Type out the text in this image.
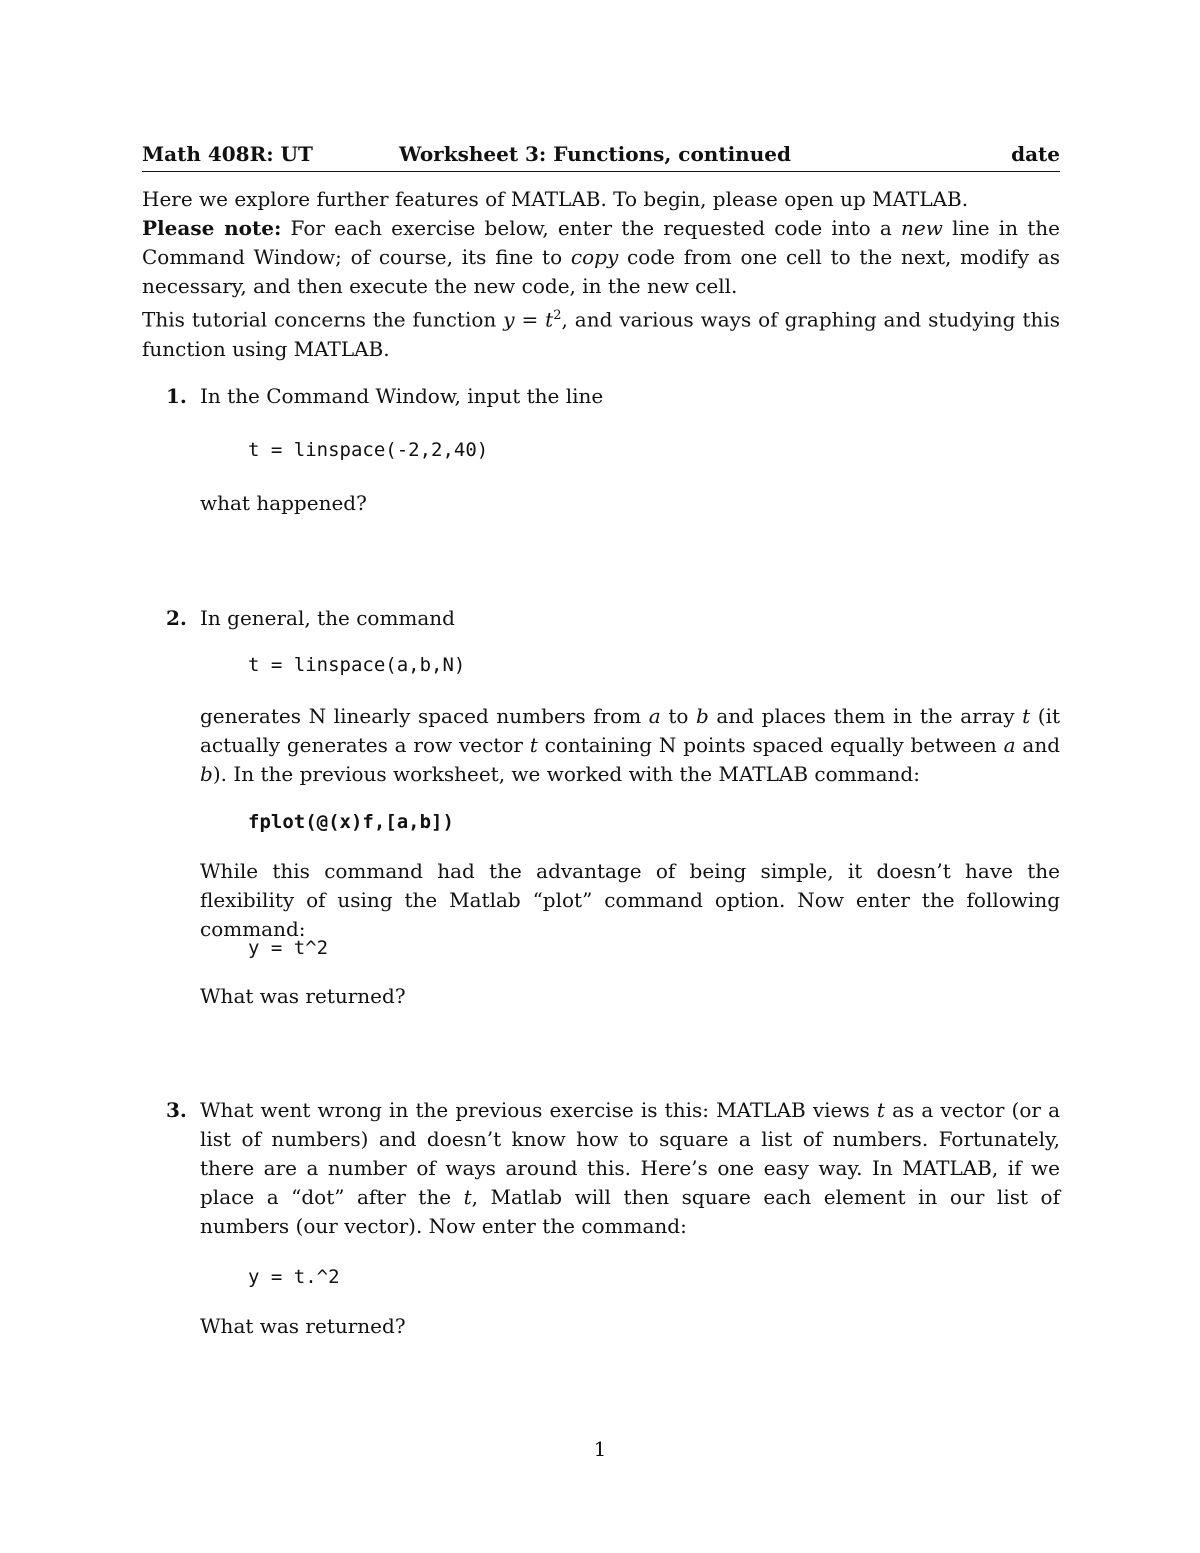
Math 408R: UT	Worksheet 3: Functions, continued	date
Here we explore further features of MATLAB. To begin, please open up MATLAB.
Please note: For each exercise below, enter the requested code into a new line in the Command Window; of course, its fine to copy code from one cell to the next, modify as necessary, and then execute the new code, in the new cell.
This tutorial concerns the function $y = t^2$, and various ways of graphing and studying this function using MATLAB.
1. In the Command Window, input the line
t = linspace(-2,2,40)
what happened?
2. In general, the command
t = linspace(a,b,N)
generates N linearly spaced numbers from a to b and places them in the array t (it actually generates a row vector t containing N points spaced equally between a and b). In the previous worksheet, we worked with the MATLAB command:
fplot(@(x)f,[a,b])
While this command had the advantage of being simple, it doesn’t have the flexibility of using the Matlab “plot” command option. Now enter the following command:
y = t^2
What was returned?
3. What went wrong in the previous exercise is this: MATLAB views t as a vector (or a list of numbers) and doesn’t know how to square a list of numbers. Fortunately, there are a number of ways around this. Here’s one easy way. In MATLAB, if we place a “dot” after the t, Matlab will then square each element in our list of numbers (our vector). Now enter the command:
y = t.^2
What was returned?
1
